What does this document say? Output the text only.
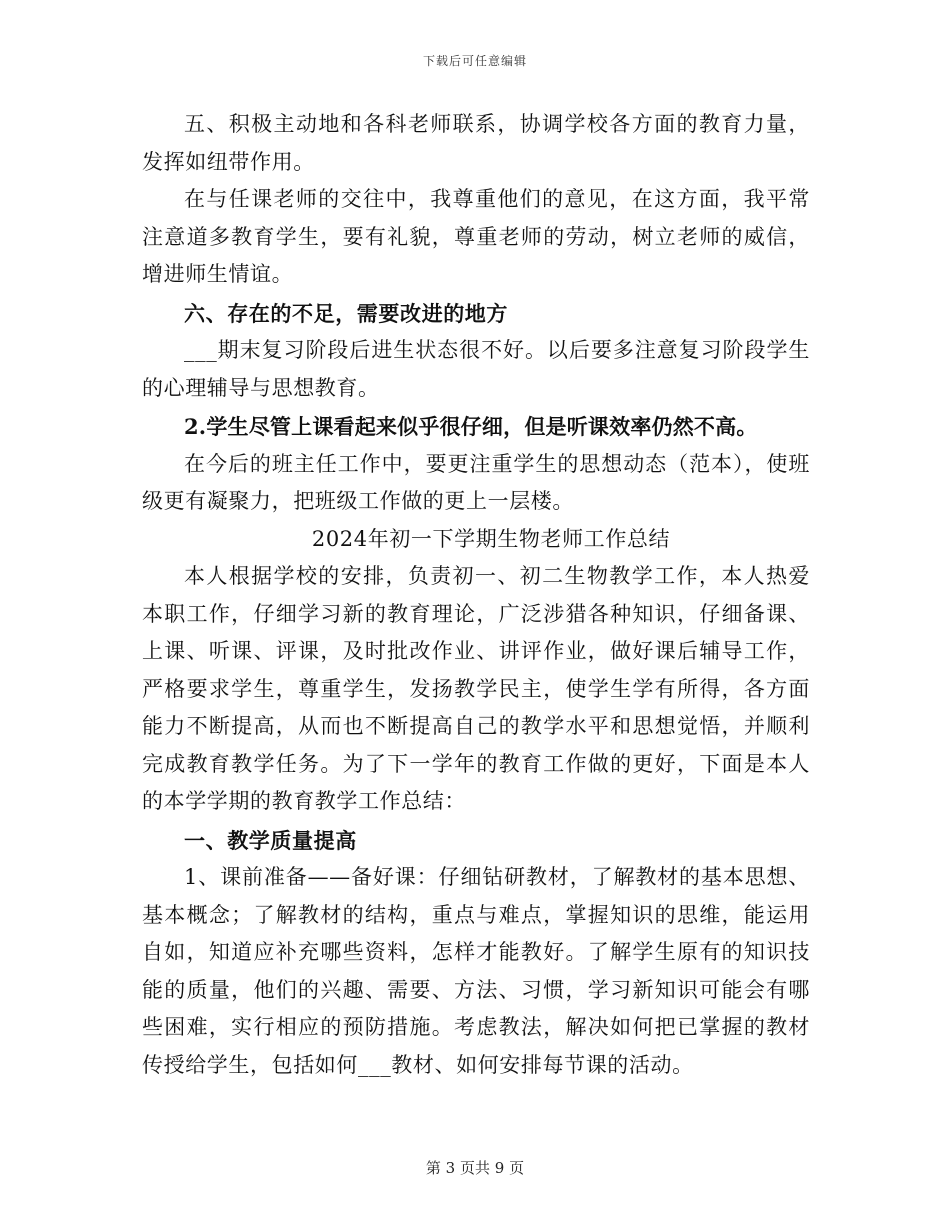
下载后可任意编辑

五、积极主动地和各科老师联系，协调学校各方面的教育力量，发挥如纽带作用。

在与任课老师的交往中，我尊重他们的意见，在这方面，我平常注意道多教育学生，要有礼貌，尊重老师的劳动，树立老师的威信，增进师生情谊。

六、存在的不足，需要改进的地方

___期末复习阶段后进生状态很不好。以后要多注意复习阶段学生的心理辅导与思想教育。

2.学生尽管上课看起来似乎很仔细，但是听课效率仍然不高。

在今后的班主任工作中，要更注重学生的思想动态（范本），使班级更有凝聚力，把班级工作做的更上一层楼。

2024年初一下学期生物老师工作总结

本人根据学校的安排，负责初一、初二生物教学工作，本人热爱本职工作，仔细学习新的教育理论，广泛涉猎各种知识，仔细备课、上课、听课、评课，及时批改作业、讲评作业，做好课后辅导工作，严格要求学生，尊重学生，发扬教学民主，使学生学有所得，各方面能力不断提高，从而也不断提高自己的教学水平和思想觉悟，并顺利完成教育教学任务。为了下一学年的教育工作做的更好，下面是本人的本学学期的教育教学工作总结：

一、教学质量提高

1、课前准备——备好课：仔细钻研教材，了解教材的基本思想、基本概念；了解教材的结构，重点与难点，掌握知识的思维，能运用自如，知道应补充哪些资料，怎样才能教好。了解学生原有的知识技能的质量，他们的兴趣、需要、方法、习惯，学习新知识可能会有哪些困难，实行相应的预防措施。考虑教法，解决如何把已掌握的教材传授给学生，包括如何___教材、如何安排每节课的活动。

第 3 页共 9 页
